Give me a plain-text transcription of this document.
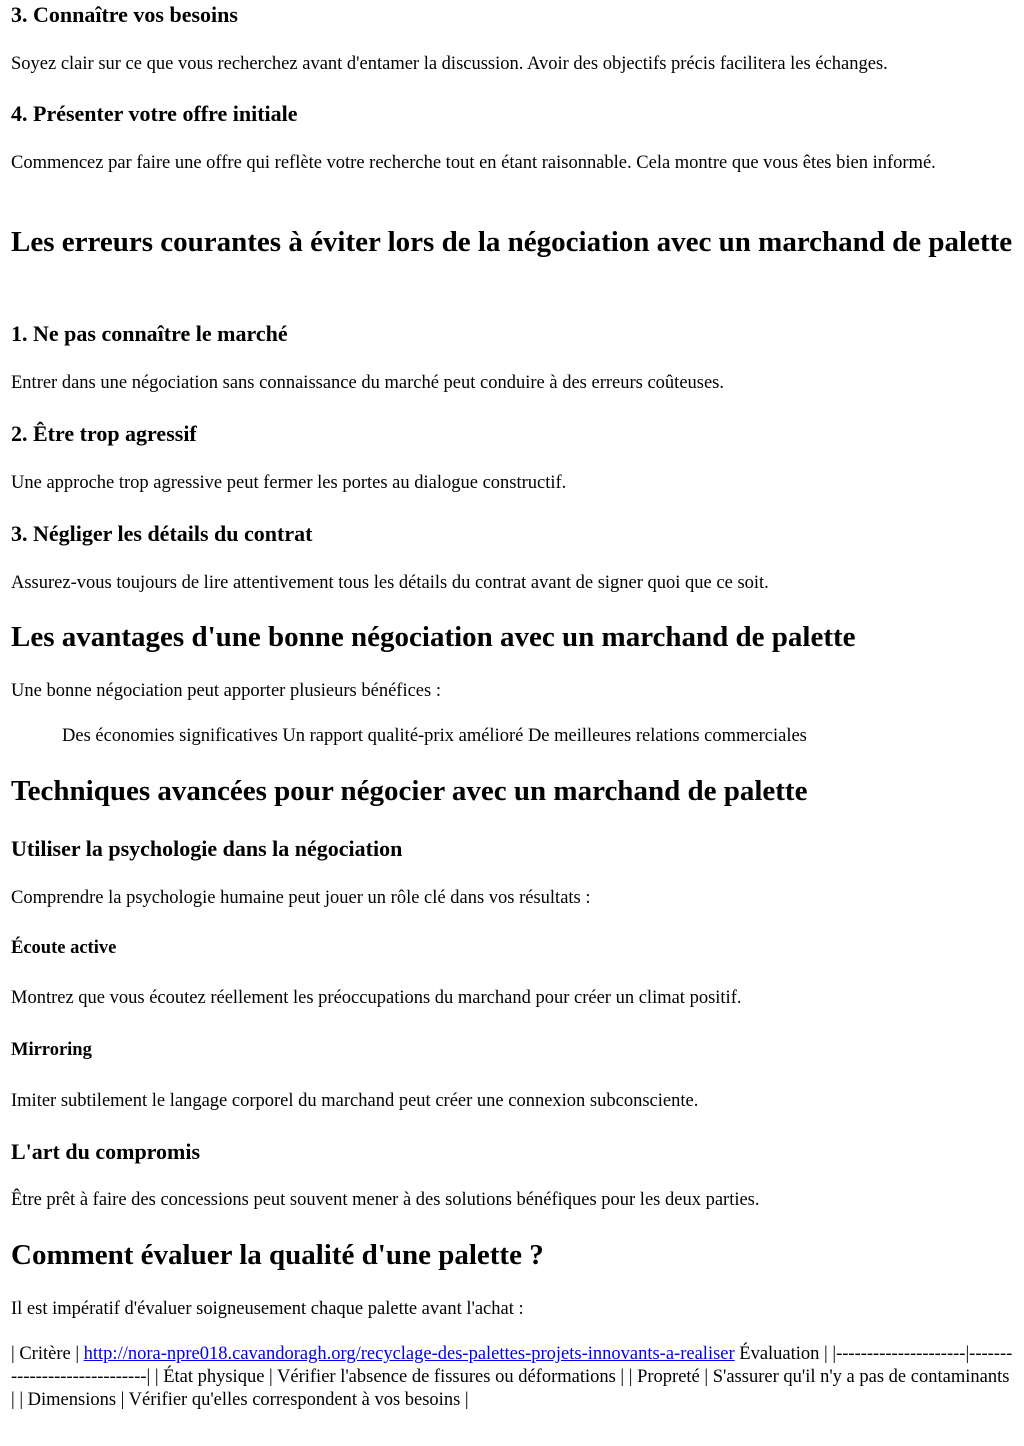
3. Connaître vos besoins

Soyez clair sur ce que vous recherchez avant d'entamer la discussion. Avoir des objectifs précis facilitera les échanges.

4. Présenter votre offre initiale

Commencez par faire une offre qui reflète votre recherche tout en étant raisonnable. Cela montre que vous êtes bien informé.

Les erreurs courantes à éviter lors de la négociation avec un marchand de palette
1. Ne pas connaître le marché

Entrer dans une négociation sans connaissance du marché peut conduire à des erreurs coûteuses.

2. Être trop agressif

Une approche trop agressive peut fermer les portes au dialogue constructif.

3. Négliger les détails du contrat

Assurez-vous toujours de lire attentivement tous les détails du contrat avant de signer quoi que ce soit.

Les avantages d'une bonne négociation avec un marchand de palette

Une bonne négociation peut apporter plusieurs bénéfices :

Des économies significatives Un rapport qualité-prix amélioré De meilleures relations commerciales

Techniques avancées pour négocier avec un marchand de palette
Utiliser la psychologie dans la négociation

Comprendre la psychologie humaine peut jouer un rôle clé dans vos résultats :

Écoute active

Montrez que vous écoutez réellement les préoccupations du marchand pour créer un climat positif.

Mirroring

Imiter subtilement le langage corporel du marchand peut créer une connexion subconsciente.

L'art du compromis

Être prêt à faire des concessions peut souvent mener à des solutions bénéfiques pour les deux parties.

Comment évaluer la qualité d'une palette ?

Il est impératif d'évaluer soigneusement chaque palette avant l'achat :

| Critère | http://nora-npre018.cavandoragh.org/recyclage-des-palettes-projets-innovants-a-realiser Évaluation | |---------------------|-----------------------------| | État physique | Vérifier l'absence de fissures ou déformations | | Propreté | S'assurer qu'il n'y a pas de contaminants | | Dimensions | Vérifier qu'elles correspondent à vos besoins |
